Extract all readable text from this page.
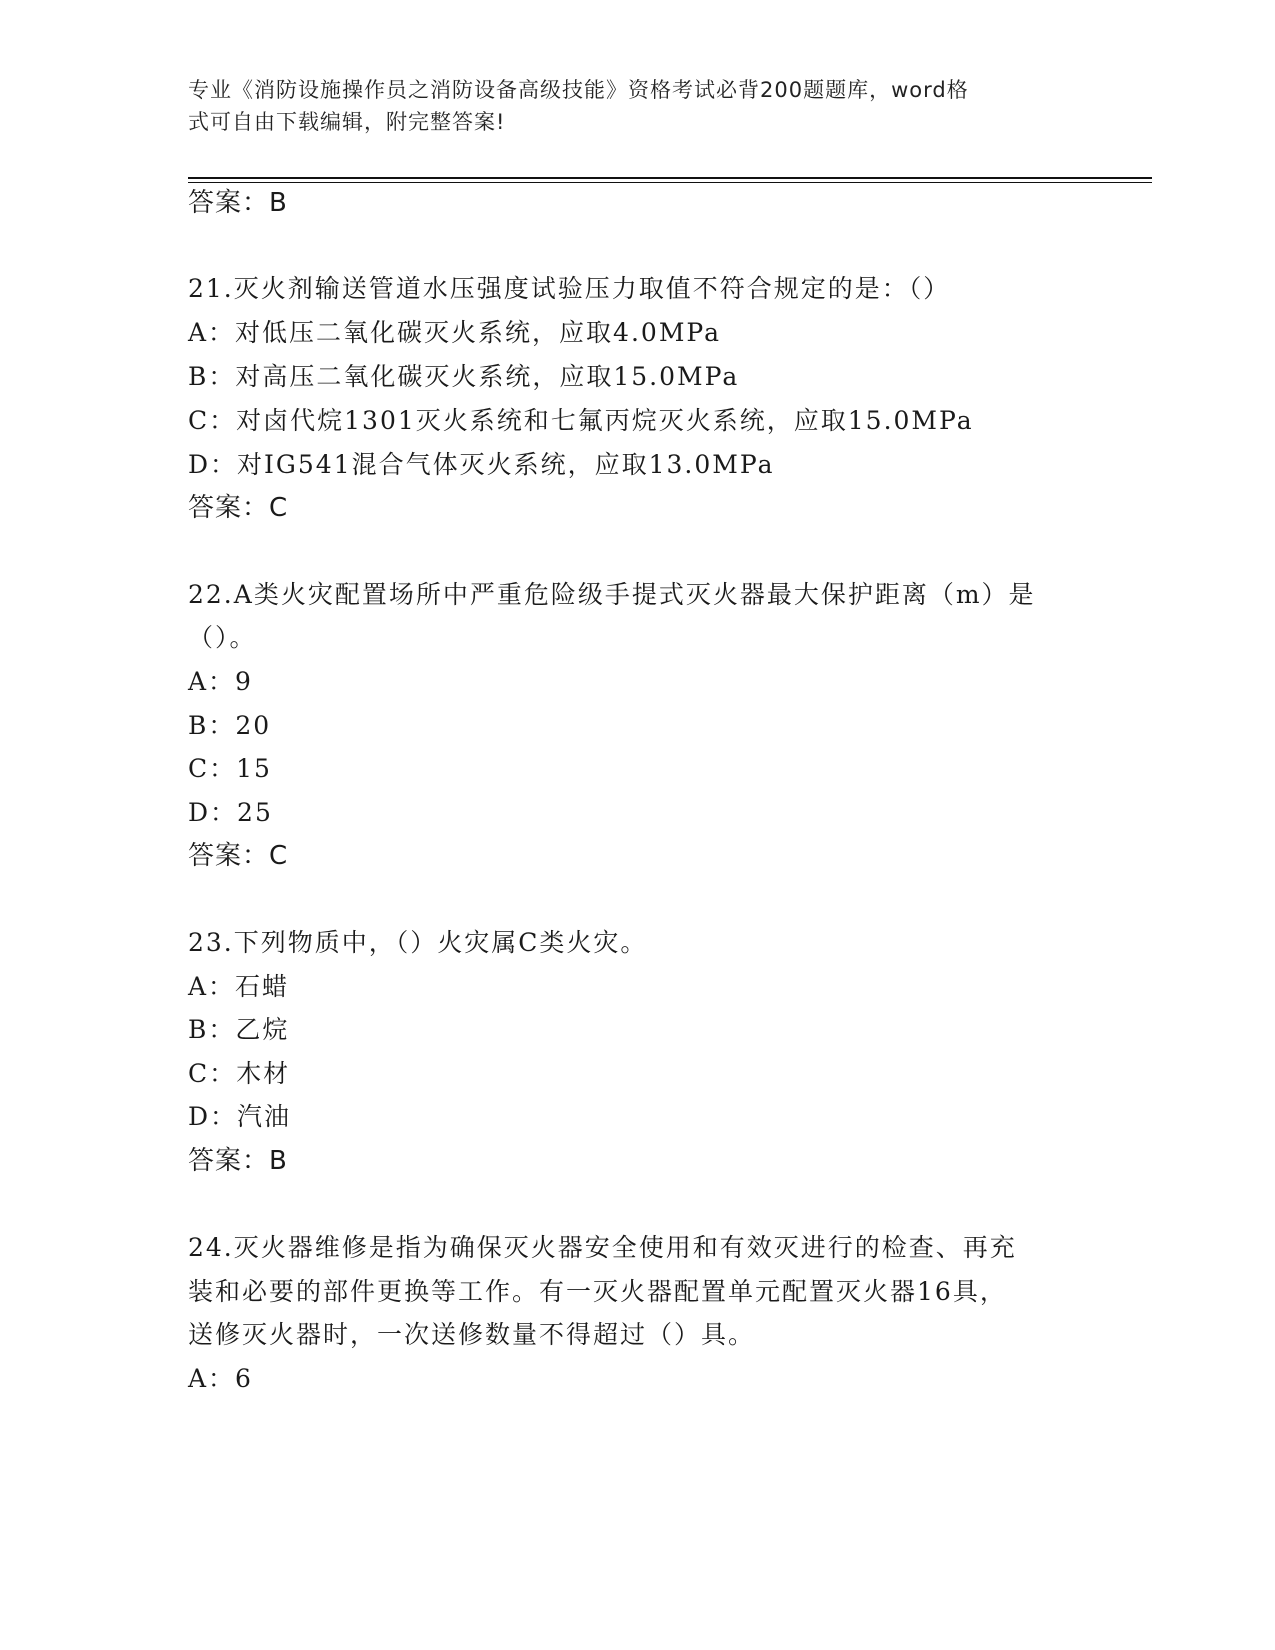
专业《消防设施操作员之消防设备高级技能》资格考试必背200题题库，word格
式可自由下载编辑，附完整答案!
答案：B
21.灭火剂输送管道水压强度试验压力取值不符合规定的是：（）
A：对低压二氧化碳灭火系统，应取4.0MPa
B：对高压二氧化碳灭火系统，应取15.0MPa
C：对卤代烷1301灭火系统和七氟丙烷灭火系统，应取15.0MPa
D：对IG541混合气体灭火系统，应取13.0MPa
答案：C
22.A类火灾配置场所中严重危险级手提式灭火器最大保护距离（m）是
（）。
A：9
B：20
C：15
D：25
答案：C
23.下列物质中，（）火灾属C类火灾。
A：石蜡
B：乙烷
C：木材
D：汽油
答案：B
24.灭火器维修是指为确保灭火器安全使用和有效灭进行的检查、再充
装和必要的部件更换等工作。有一灭火器配置单元配置灭火器16具，
送修灭火器时，一次送修数量不得超过（）具。
A：6
